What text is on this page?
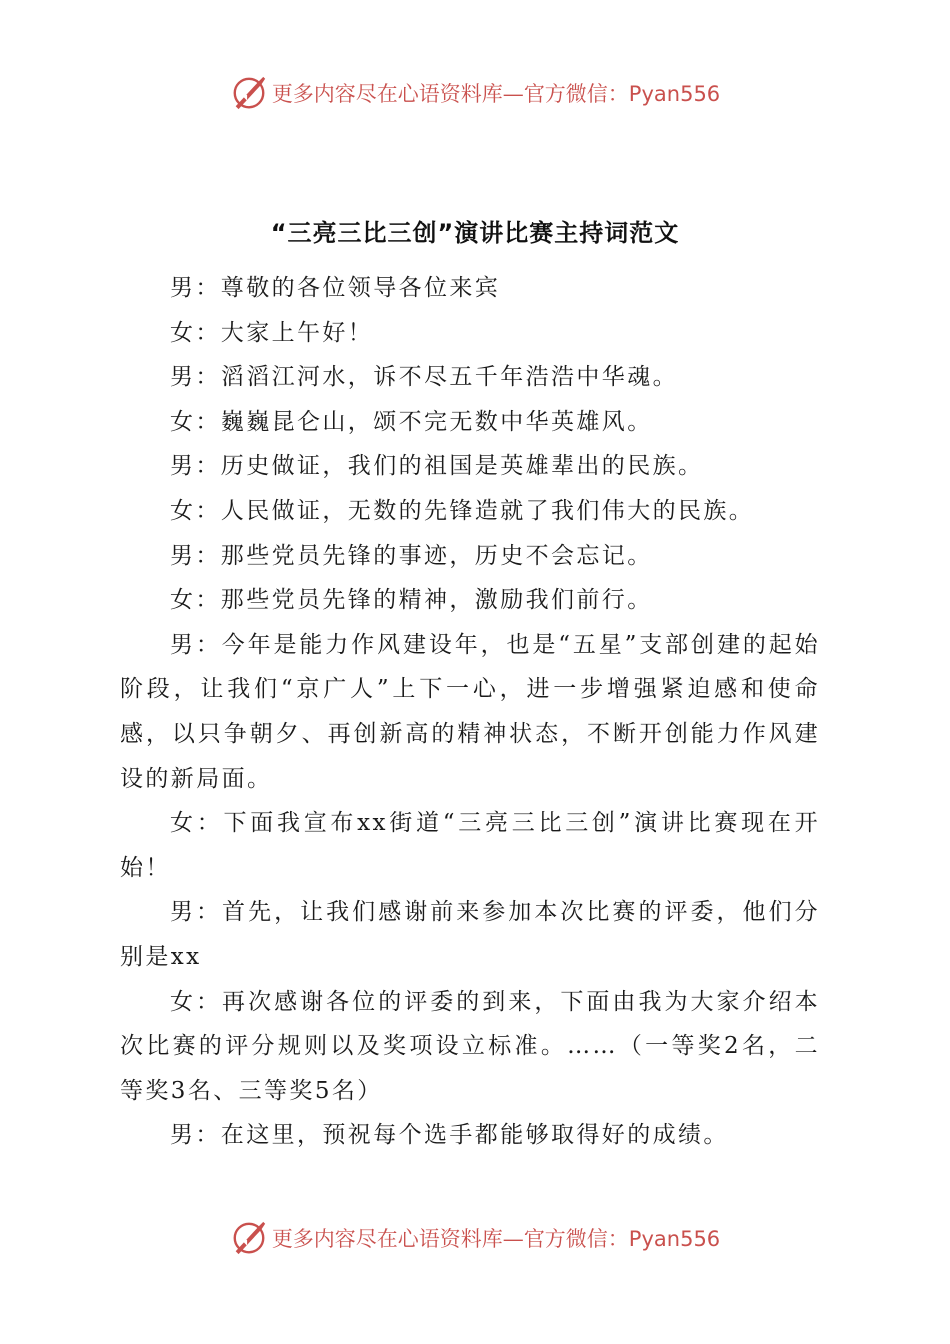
更多内容尽在心语资料库— 官方微信：Pyan556
“三亮三比三创”演讲比赛主持词范文

男：尊敬的各位领导各位来宾

女：大家上午好！

男：滔滔江河水，诉不尽五千年浩浩中华魂。

女：巍巍昆仑山，颂不完无数中华英雄风。

男：历史做证，我们的祖国是英雄辈出的民族。

女：人民做证，无数的先锋造就了我们伟大的民族。

男：那些党员先锋的事迹，历史不会忘记。

女：那些党员先锋的精神，激励我们前行。

男：今年是能力作风建设年，也是“五星”支部创建的起始阶段，让我们“京广人”上下一心，进一步增强紧迫感和使命感，以只争朝夕、再创新高的精神状态，不断开创能力作风建设的新局面。

女：下面我宣布xx街道“三亮三比三创”演讲比赛现在开始！

男：首先，让我们感谢前来参加本次比赛的评委，他们分别是xx

女：再次感谢各位的评委的到来，下面由我为大家介绍本次比赛的评分规则以及奖项设立标准。……（一等奖2名，二等奖3名、三等奖5名）

男：在这里，预祝每个选手都能够取得好的成绩。

更多内容尽在心语资料库— 官方微信：Pyan556
